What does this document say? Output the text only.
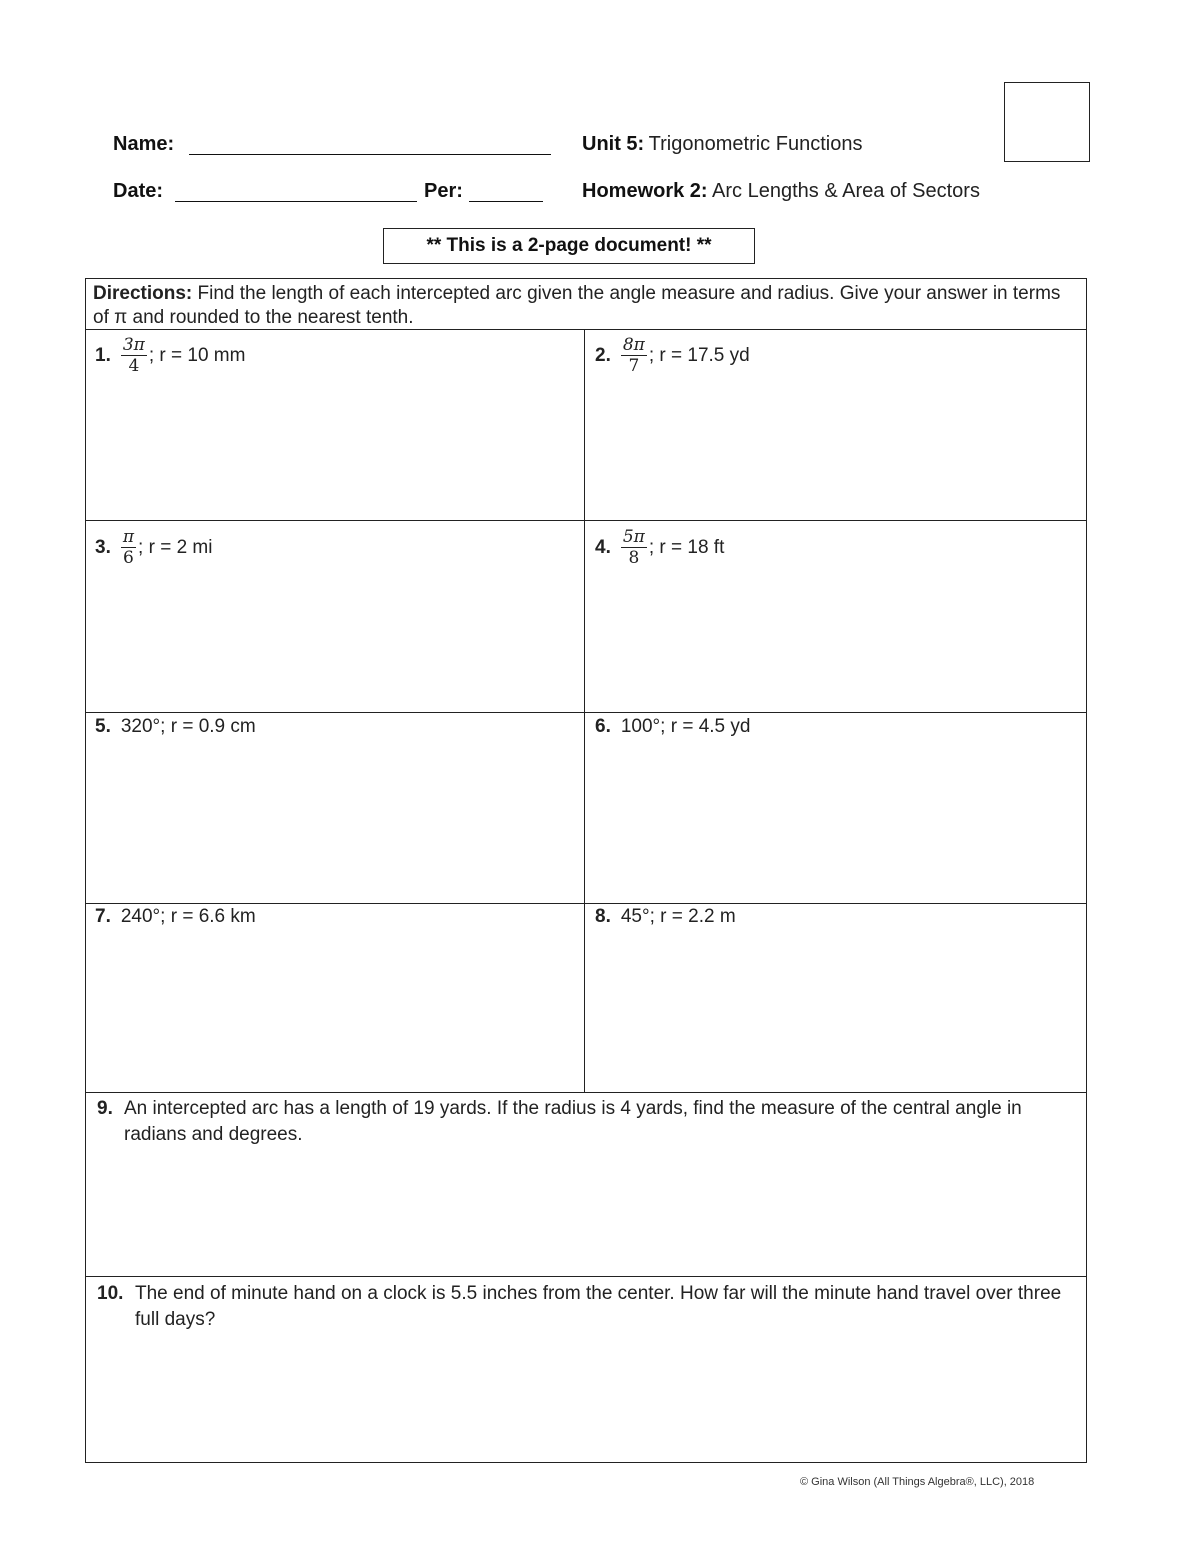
Name:
Date:	Per:
Unit 5: Trigonometric Functions
Homework 2: Arc Lengths & Area of Sectors
** This is a 2-page document! **
Directions: Find the length of each intercepted arc given the angle measure and radius. Give your answer in terms of π and rounded to the nearest tenth.
1. $\frac{3\pi}{4}$ ; r = 10 mm	2. $\frac{8\pi}{7}$ ; r = 17.5 yd
3. $\frac{\pi}{6}$ ; r = 2 mi	4. $\frac{5\pi}{8}$ ; r = 18 ft
5. 320°; r = 0.9 cm	6. 100°; r = 4.5 yd
7. 240°; r = 6.6 km	8. 45°; r = 2.2 m
9. An intercepted arc has a length of 19 yards. If the radius is 4 yards, find the measure of the central angle in radians and degrees.
10. The end of minute hand on a clock is 5.5 inches from the center. How far will the minute hand travel over three full days?
© Gina Wilson (All Things Algebra®, LLC), 2018
